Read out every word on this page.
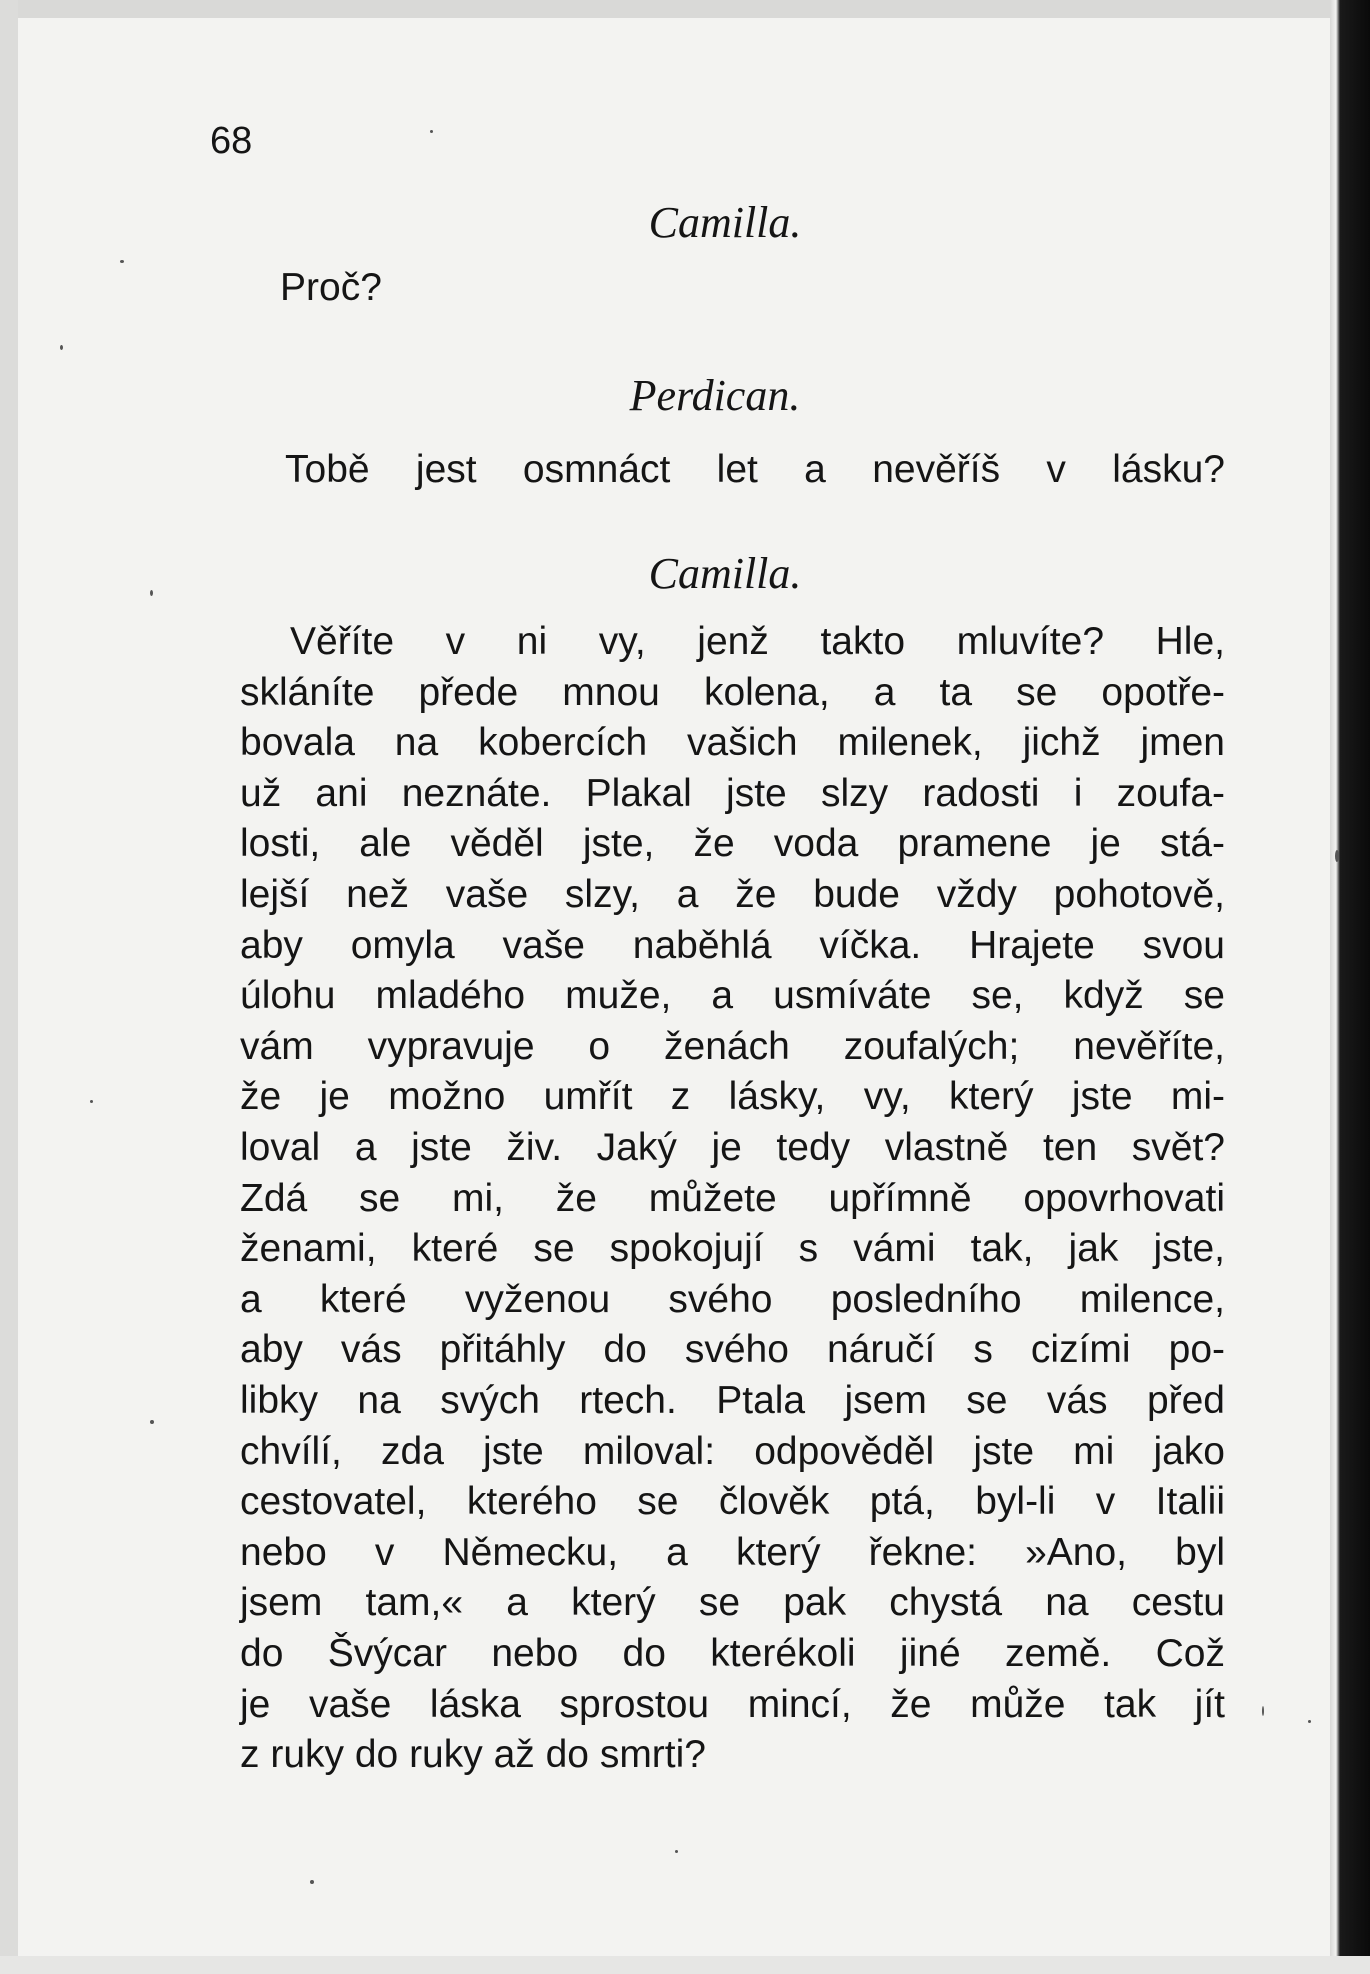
68
Camilla.
Proč?
Perdican.
Tobě jest osmnáct let a nevěříš v lásku?
Camilla.
Věříte v ni vy, jenž takto mluvíte? Hle,
skláníte přede mnou kolena, a ta se opotře-
bovala na kobercích vašich milenek, jichž jmen
už ani neznáte. Plakal jste slzy radosti i zoufa-
losti, ale věděl jste, že voda pramene je stá-
lejší než vaše slzy, a že bude vždy pohotově,
aby omyla vaše naběhlá víčka. Hrajete svou
úlohu mladého muže, a usmíváte se, když se
vám vypravuje o ženách zoufalých; nevěříte,
že je možno umřít z lásky, vy, který jste mi-
loval a jste živ. Jaký je tedy vlastně ten svět?
Zdá se mi, že můžete upřímně opovrhovati
ženami, které se spokojují s vámi tak, jak jste,
a které vyženou svého posledního milence,
aby vás přitáhly do svého náručí s cizími po-
libky na svých rtech. Ptala jsem se vás před
chvílí, zda jste miloval: odpověděl jste mi jako
cestovatel, kterého se člověk ptá, byl-li v Italii
nebo v Německu, a který řekne: »Ano, byl
jsem tam,« a který se pak chystá na cestu
do Švýcar nebo do kterékoli jiné země. Což
je vaše láska sprostou mincí, že může tak jít
z ruky do ruky až do smrti?
